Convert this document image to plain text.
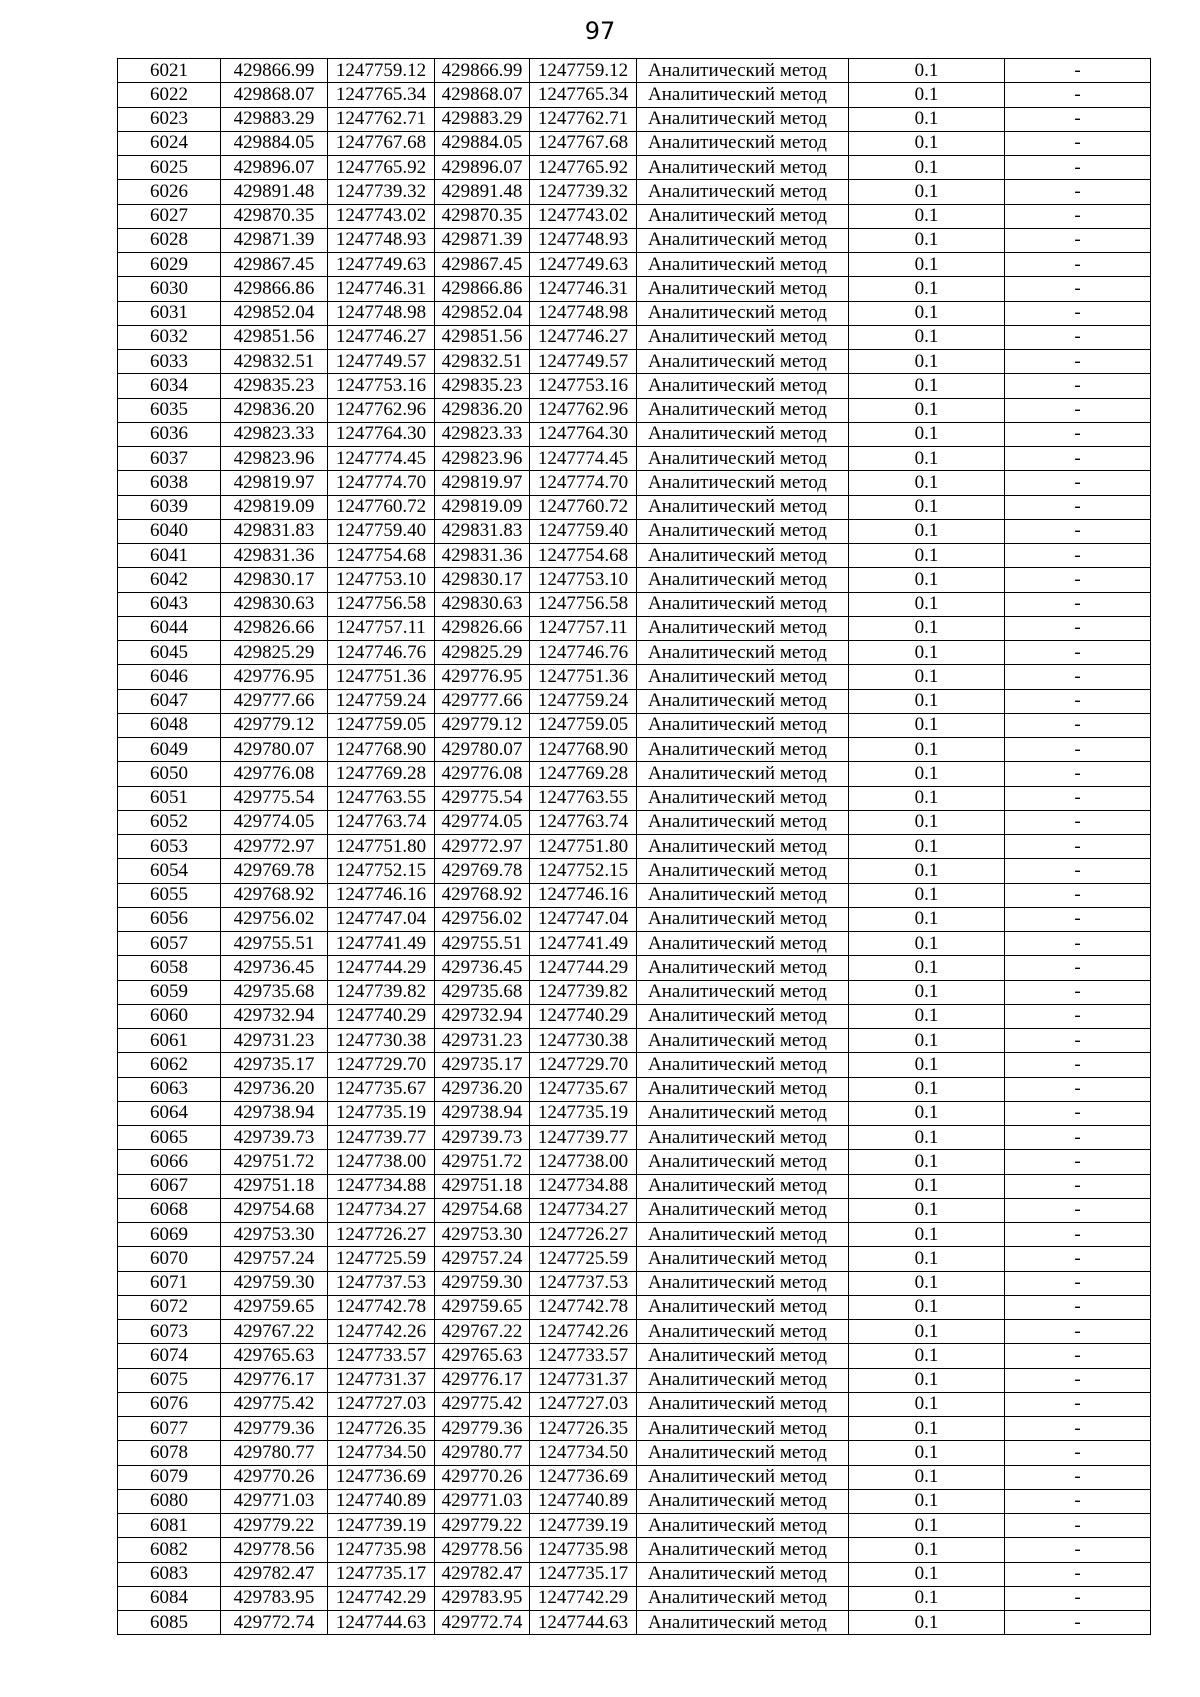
97
6021	429866.99	1247759.12	429866.99	1247759.12	Аналитический метод	0.1	-
6022	429868.07	1247765.34	429868.07	1247765.34	Аналитический метод	0.1	-
6023	429883.29	1247762.71	429883.29	1247762.71	Аналитический метод	0.1	-
6024	429884.05	1247767.68	429884.05	1247767.68	Аналитический метод	0.1	-
6025	429896.07	1247765.92	429896.07	1247765.92	Аналитический метод	0.1	-
6026	429891.48	1247739.32	429891.48	1247739.32	Аналитический метод	0.1	-
6027	429870.35	1247743.02	429870.35	1247743.02	Аналитический метод	0.1	-
6028	429871.39	1247748.93	429871.39	1247748.93	Аналитический метод	0.1	-
6029	429867.45	1247749.63	429867.45	1247749.63	Аналитический метод	0.1	-
6030	429866.86	1247746.31	429866.86	1247746.31	Аналитический метод	0.1	-
6031	429852.04	1247748.98	429852.04	1247748.98	Аналитический метод	0.1	-
6032	429851.56	1247746.27	429851.56	1247746.27	Аналитический метод	0.1	-
6033	429832.51	1247749.57	429832.51	1247749.57	Аналитический метод	0.1	-
6034	429835.23	1247753.16	429835.23	1247753.16	Аналитический метод	0.1	-
6035	429836.20	1247762.96	429836.20	1247762.96	Аналитический метод	0.1	-
6036	429823.33	1247764.30	429823.33	1247764.30	Аналитический метод	0.1	-
6037	429823.96	1247774.45	429823.96	1247774.45	Аналитический метод	0.1	-
6038	429819.97	1247774.70	429819.97	1247774.70	Аналитический метод	0.1	-
6039	429819.09	1247760.72	429819.09	1247760.72	Аналитический метод	0.1	-
6040	429831.83	1247759.40	429831.83	1247759.40	Аналитический метод	0.1	-
6041	429831.36	1247754.68	429831.36	1247754.68	Аналитический метод	0.1	-
6042	429830.17	1247753.10	429830.17	1247753.10	Аналитический метод	0.1	-
6043	429830.63	1247756.58	429830.63	1247756.58	Аналитический метод	0.1	-
6044	429826.66	1247757.11	429826.66	1247757.11	Аналитический метод	0.1	-
6045	429825.29	1247746.76	429825.29	1247746.76	Аналитический метод	0.1	-
6046	429776.95	1247751.36	429776.95	1247751.36	Аналитический метод	0.1	-
6047	429777.66	1247759.24	429777.66	1247759.24	Аналитический метод	0.1	-
6048	429779.12	1247759.05	429779.12	1247759.05	Аналитический метод	0.1	-
6049	429780.07	1247768.90	429780.07	1247768.90	Аналитический метод	0.1	-
6050	429776.08	1247769.28	429776.08	1247769.28	Аналитический метод	0.1	-
6051	429775.54	1247763.55	429775.54	1247763.55	Аналитический метод	0.1	-
6052	429774.05	1247763.74	429774.05	1247763.74	Аналитический метод	0.1	-
6053	429772.97	1247751.80	429772.97	1247751.80	Аналитический метод	0.1	-
6054	429769.78	1247752.15	429769.78	1247752.15	Аналитический метод	0.1	-
6055	429768.92	1247746.16	429768.92	1247746.16	Аналитический метод	0.1	-
6056	429756.02	1247747.04	429756.02	1247747.04	Аналитический метод	0.1	-
6057	429755.51	1247741.49	429755.51	1247741.49	Аналитический метод	0.1	-
6058	429736.45	1247744.29	429736.45	1247744.29	Аналитический метод	0.1	-
6059	429735.68	1247739.82	429735.68	1247739.82	Аналитический метод	0.1	-
6060	429732.94	1247740.29	429732.94	1247740.29	Аналитический метод	0.1	-
6061	429731.23	1247730.38	429731.23	1247730.38	Аналитический метод	0.1	-
6062	429735.17	1247729.70	429735.17	1247729.70	Аналитический метод	0.1	-
6063	429736.20	1247735.67	429736.20	1247735.67	Аналитический метод	0.1	-
6064	429738.94	1247735.19	429738.94	1247735.19	Аналитический метод	0.1	-
6065	429739.73	1247739.77	429739.73	1247739.77	Аналитический метод	0.1	-
6066	429751.72	1247738.00	429751.72	1247738.00	Аналитический метод	0.1	-
6067	429751.18	1247734.88	429751.18	1247734.88	Аналитический метод	0.1	-
6068	429754.68	1247734.27	429754.68	1247734.27	Аналитический метод	0.1	-
6069	429753.30	1247726.27	429753.30	1247726.27	Аналитический метод	0.1	-
6070	429757.24	1247725.59	429757.24	1247725.59	Аналитический метод	0.1	-
6071	429759.30	1247737.53	429759.30	1247737.53	Аналитический метод	0.1	-
6072	429759.65	1247742.78	429759.65	1247742.78	Аналитический метод	0.1	-
6073	429767.22	1247742.26	429767.22	1247742.26	Аналитический метод	0.1	-
6074	429765.63	1247733.57	429765.63	1247733.57	Аналитический метод	0.1	-
6075	429776.17	1247731.37	429776.17	1247731.37	Аналитический метод	0.1	-
6076	429775.42	1247727.03	429775.42	1247727.03	Аналитический метод	0.1	-
6077	429779.36	1247726.35	429779.36	1247726.35	Аналитический метод	0.1	-
6078	429780.77	1247734.50	429780.77	1247734.50	Аналитический метод	0.1	-
6079	429770.26	1247736.69	429770.26	1247736.69	Аналитический метод	0.1	-
6080	429771.03	1247740.89	429771.03	1247740.89	Аналитический метод	0.1	-
6081	429779.22	1247739.19	429779.22	1247739.19	Аналитический метод	0.1	-
6082	429778.56	1247735.98	429778.56	1247735.98	Аналитический метод	0.1	-
6083	429782.47	1247735.17	429782.47	1247735.17	Аналитический метод	0.1	-
6084	429783.95	1247742.29	429783.95	1247742.29	Аналитический метод	0.1	-
6085	429772.74	1247744.63	429772.74	1247744.63	Аналитический метод	0.1	-
